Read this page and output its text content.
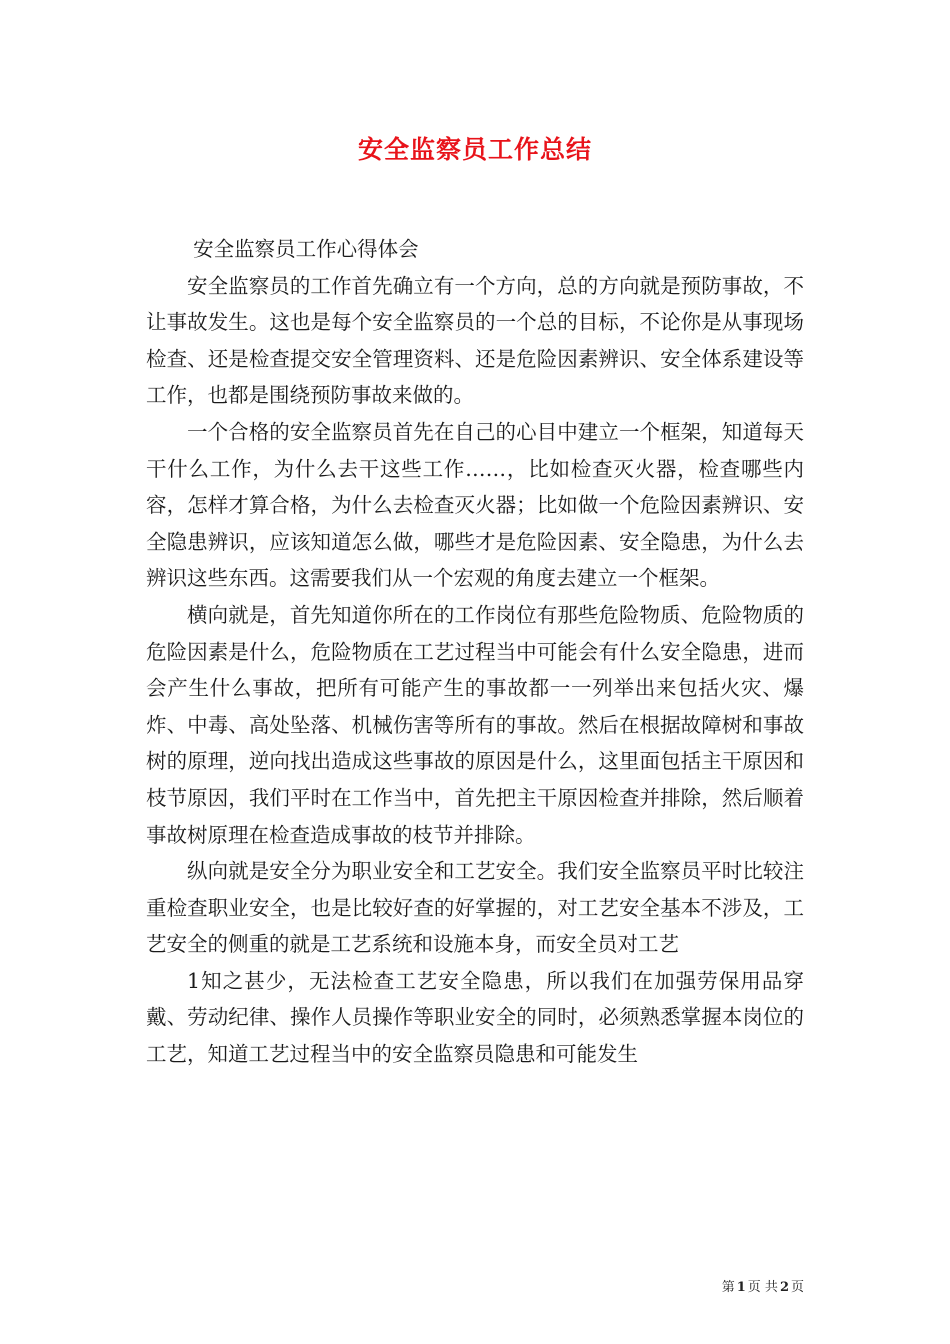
安全监察员工作总结

安全监察员工作心得体会

安全监察员的工作首先确立有一个方向，总的方向就是预防事故，不让事故发生。这也是每个安全监察员的一个总的目标，不论你是从事现场检查、还是检查提交安全管理资料、还是危险因素辨识、安全体系建设等工作，也都是围绕预防事故来做的。

一个合格的安全监察员首先在自己的心目中建立一个框架，知道每天干什么工作，为什么去干这些工作……，比如检查灭火器，检查哪些内容，怎样才算合格，为什么去检查灭火器；比如做一个危险因素辨识、安全隐患辨识，应该知道怎么做，哪些才是危险因素、安全隐患，为什么去辨识这些东西。这需要我们从一个宏观的角度去建立一个框架。

横向就是，首先知道你所在的工作岗位有那些危险物质、危险物质的危险因素是什么，危险物质在工艺过程当中可能会有什么安全隐患，进而会产生什么事故，把所有可能产生的事故都一一列举出来包括火灾、爆炸、中毒、高处坠落、机械伤害等所有的事故。然后在根据故障树和事故树的原理，逆向找出造成这些事故的原因是什么，这里面包括主干原因和枝节原因，我们平时在工作当中，首先把主干原因检查并排除，然后顺着事故树原理在检查造成事故的枝节并排除。

纵向就是安全分为职业安全和工艺安全。我们安全监察员平时比较注重检查职业安全，也是比较好查的好掌握的，对工艺安全基本不涉及，工艺安全的侧重的就是工艺系统和设施本身，而安全员对工艺

1知之甚少，无法检查工艺安全隐患，所以我们在加强劳保用品穿戴、劳动纪律、操作人员操作等职业安全的同时，必须熟悉掌握本岗位的工艺，知道工艺过程当中的安全监察员隐患和可能发生

第 1 页 共 2 页
